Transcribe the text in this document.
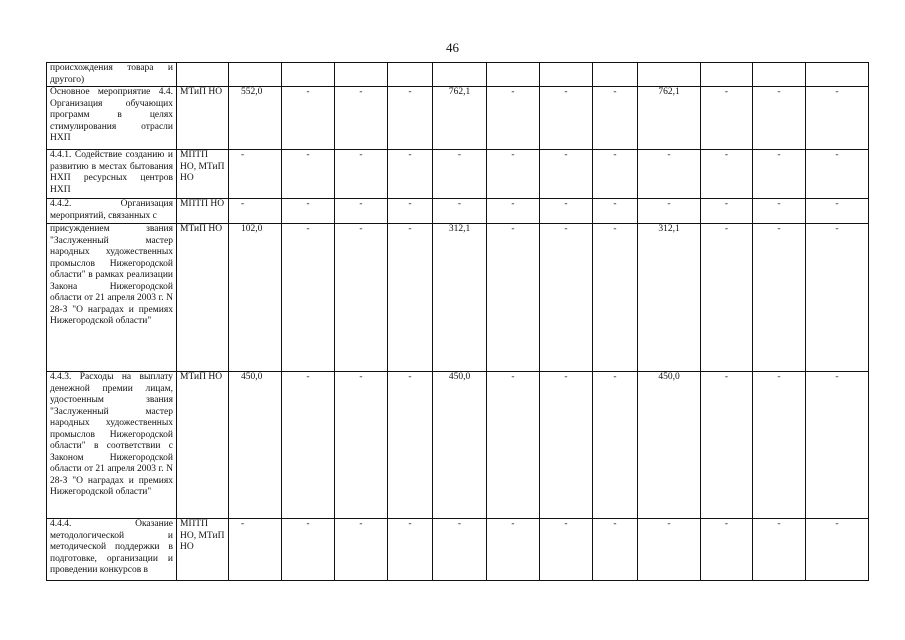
46
происхождения товара и другого)													
Основное мероприятие 4.4. Организация обучающих программ в целях стимулирования отрасли НХП	МТиП НО	552,0	-	-	-	762,1	-	-	-	762,1	-	-	-
4.4.1. Содействие созданию и развитию в местах бытования НХП ресурсных центров НХП	МПТП НО, МТиП НО	-	-	-	-	-	-	-	-	-	-	-	-
4.4.2. Организация мероприятий, связанных с	МПТП НО	-	-	-	-	-	-	-	-	-	-	-	-
присуждением звания "Заслуженный мастер народных художественных промыслов Нижегородской области" в рамках реализации Закона Нижегородской области от 21 апреля 2003 г. N 28-З "О наградах и премиях Нижегородской области"	МТиП НО	102,0	-	-	-	312,1	-	-	-	312,1	-	-	-
4.4.3. Расходы на выплату денежной премии лицам, удостоенным звания "Заслуженный мастер народных художественных промыслов Нижегородской области" в соответствии с Законом Нижегородской области от 21 апреля 2003 г. N 28-З "О наградах и премиях Нижегородской области"	МТиП НО	450,0	-	-	-	450,0	-	-	-	450,0	-	-	-
4.4.4. Оказание методологической и методической поддержки в подготовке, организации и проведении конкурсов в	МПТП НО, МТиП НО	-	-	-	-	-	-	-	-	-	-	-	-
